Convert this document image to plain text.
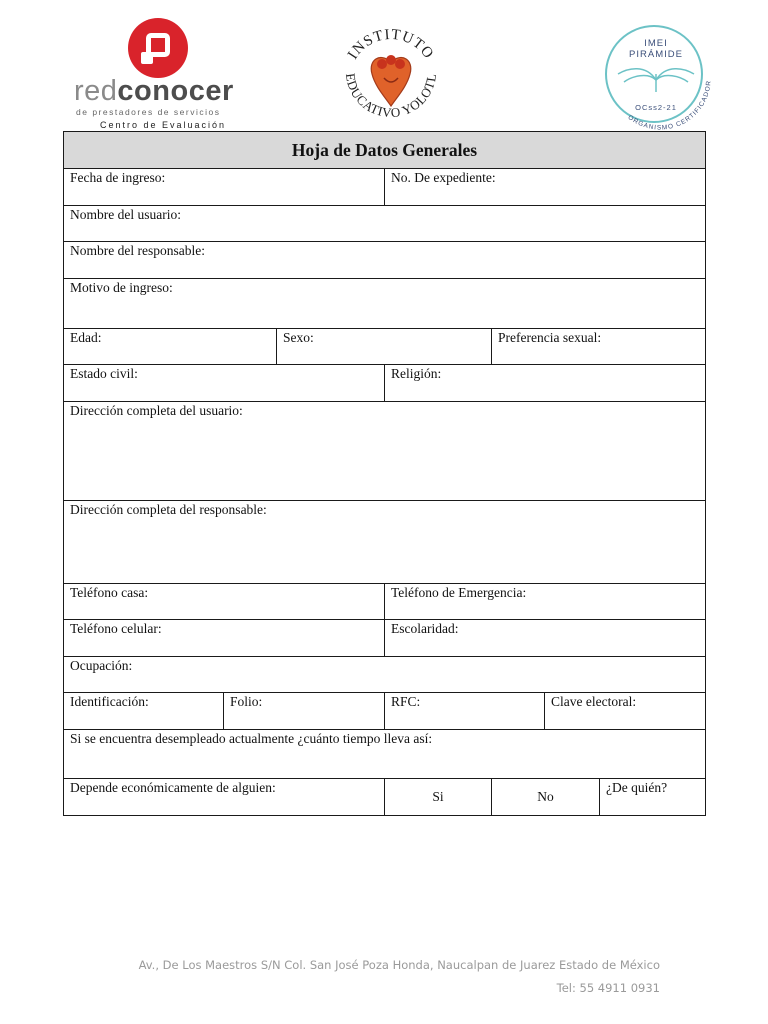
redconocer
de prestadores de servicios
Centro de Evaluación
INSTITUTO
EDUCATIVO YOLOTL
IMEI
PIRÁMIDE
OCss2-21
ORGANISMO CERTIFICADOR
Hoja de Datos Generales						
Fecha de ingreso:			No. De expediente:			
Nombre del usuario:						
Nombre del responsable:						
Motivo de ingreso:						
Edad:		Sexo:		Preferencia sexual:		
Estado civil:			Religión:			
Dirección completa del usuario:						
Dirección completa del responsable:						
Teléfono casa:			Teléfono de Emergencia:			
Teléfono celular:			Escolaridad:			
Ocupación:						
Identificación:	Folio:		RFC:		Clave electoral:	
Si se encuentra desempleado actualmente ¿cuánto tiempo lleva así:						
Depende económicamente de alguien:			Si	No		¿De quién?
Av., De Los Maestros S/N Col. San José Poza Honda, Naucalpan de Juarez Estado de México
Tel: 55 4911 0931
